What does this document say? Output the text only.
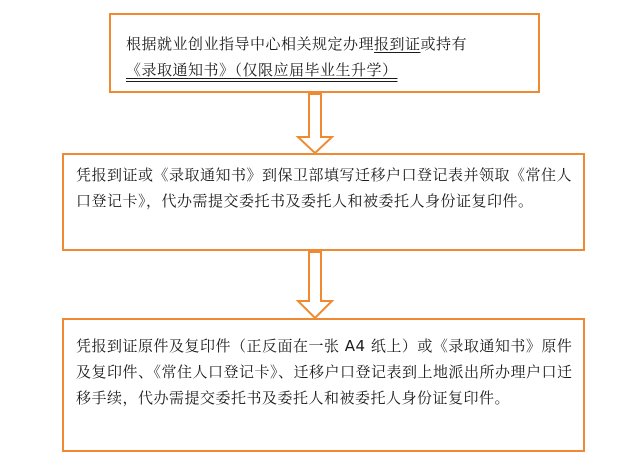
根据就业创业指导中心相关规定办理报到证或持有
《录取通知书》（仅限应届毕业生升学）
凭报到证或《录取通知书》到保卫部填写迁移户口登记表并领取《常住人口登记卡》，代办需提交委托书及委托人和被委托人身份证复印件。
凭报到证原件及复印件（正反面在一张 A4 纸上）或《录取通知书》原件及复印件、《常住人口登记卡》、迁移户口登记表到上地派出所办理户口迁移手续，代办需提交委托书及委托人和被委托人身份证复印件。
